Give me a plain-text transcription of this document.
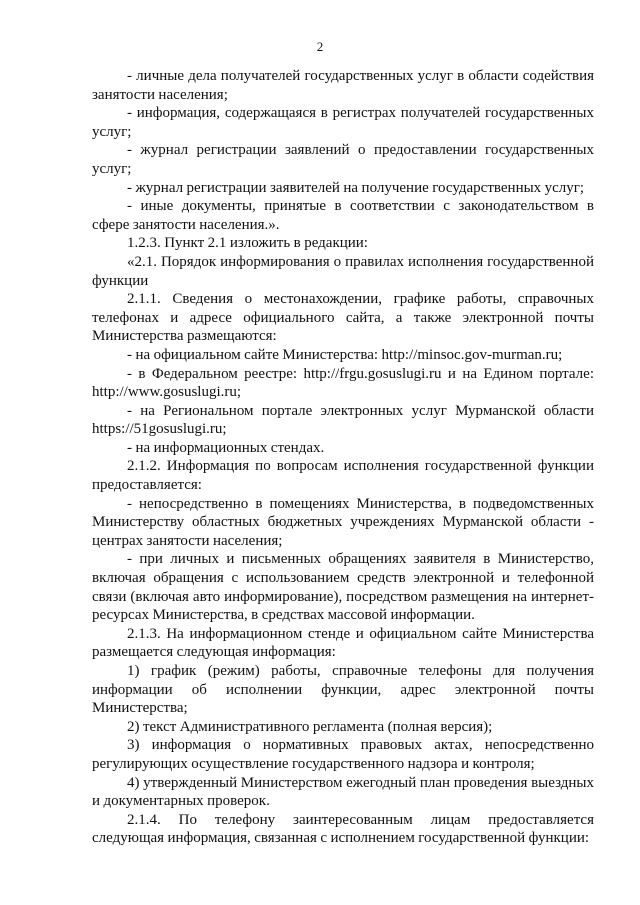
2

- личные дела получателей государственных услуг в области содействия занятости населения;

- информация, содержащаяся в регистрах получателей государственных услуг;

- журнал регистрации заявлений о предоставлении государственных услуг;

- журнал регистрации заявителей на получение государственных услуг;

- иные документы, принятые в соответствии с законодательством в сфере занятости населения.».

1.2.3. Пункт 2.1 изложить в редакции:

«2.1. Порядок информирования о правилах исполнения государственной функции

2.1.1. Сведения о местонахождении, графике работы, справочных телефонах и адресе официального сайта, а также электронной почты Министерства размещаются:

- на официальном сайте Министерства: http://minsoc.gov-murman.ru;

- в Федеральном реестре: http://frgu.gosuslugi.ru и на Едином портале: http://www.gosuslugi.ru;

- на Региональном портале электронных услуг Мурманской области https://51gosuslugi.ru;

- на информационных стендах.

2.1.2. Информация по вопросам исполнения государственной функции предоставляется:

- непосредственно в помещениях Министерства, в подведомственных Министерству областных бюджетных учреждениях Мурманской области - центрах занятости населения;

- при личных и письменных обращениях заявителя в Министерство, включая обращения с использованием средств электронной и телефонной связи (включая авто информирование), посредством размещения на интернет-ресурсах Министерства, в средствах массовой информации.

2.1.3. На информационном стенде и официальном сайте Министерства размещается следующая информация:

1) график (режим) работы, справочные телефоны для получения информации об исполнении функции, адрес электронной почты Министерства;

2) текст Административного регламента (полная версия);

3) информация о нормативных правовых актах, непосредственно регулирующих осуществление государственного надзора и контроля;

4) утвержденный Министерством ежегодный план проведения выездных и документарных проверок.

2.1.4. По телефону заинтересованным лицам предоставляется следующая информация, связанная с исполнением государственной функции:
